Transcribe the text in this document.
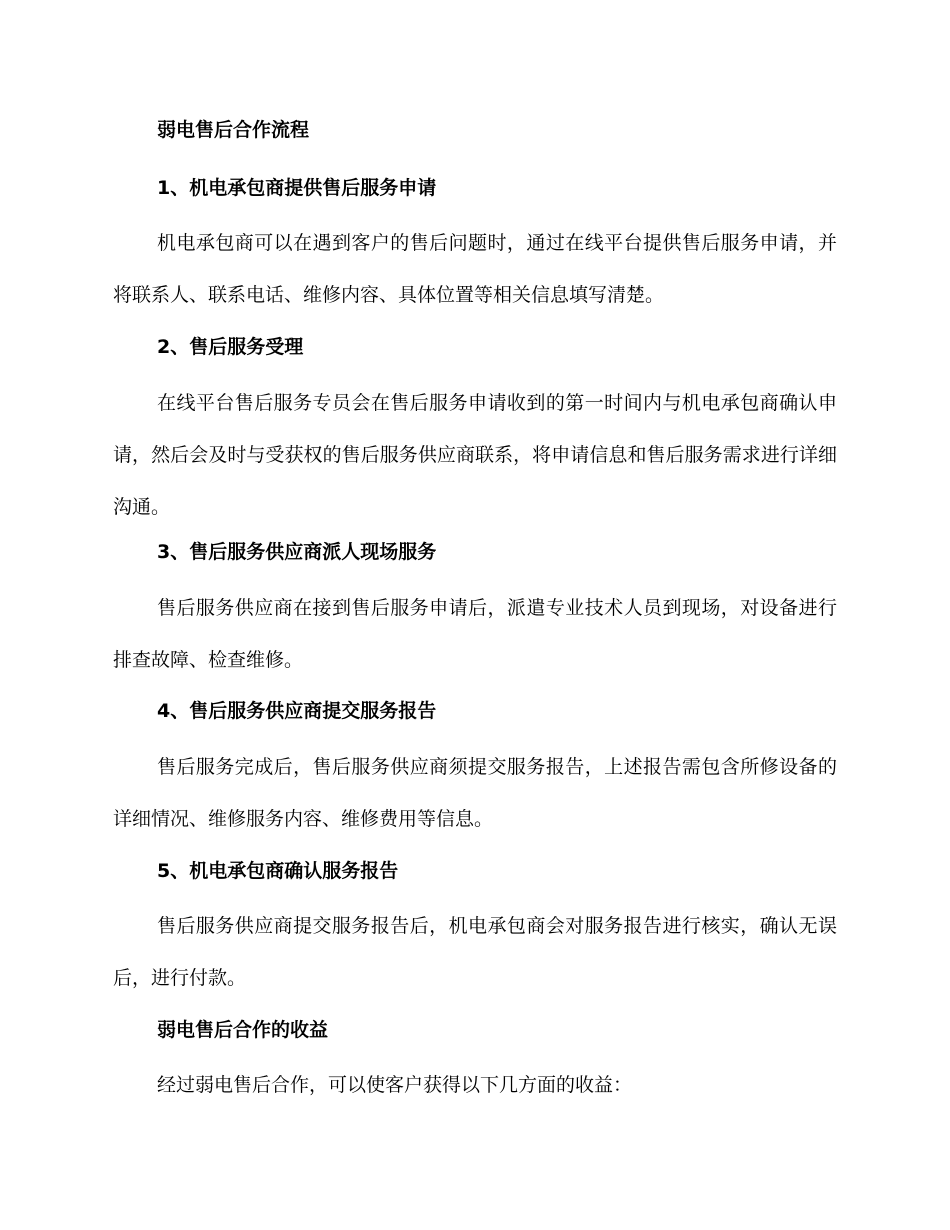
弱电售后合作流程
1、机电承包商提供售后服务申请
机电承包商可以在遇到客户的售后问题时，通过在线平台提供售后服务申请，并将联系人、联系电话、维修内容、具体位置等相关信息填写清楚。
2、售后服务受理
在线平台售后服务专员会在售后服务申请收到的第一时间内与机电承包商确认申请，然后会及时与受获权的售后服务供应商联系，将申请信息和售后服务需求进行详细沟通。
3、售后服务供应商派人现场服务
售后服务供应商在接到售后服务申请后，派遣专业技术人员到现场，对设备进行排查故障、检查维修。
4、售后服务供应商提交服务报告
售后服务完成后，售后服务供应商须提交服务报告，上述报告需包含所修设备的详细情况、维修服务内容、维修费用等信息。
5、机电承包商确认服务报告
售后服务供应商提交服务报告后，机电承包商会对服务报告进行核实，确认无误后，进行付款。
弱电售后合作的收益
经过弱电售后合作，可以使客户获得以下几方面的收益：
